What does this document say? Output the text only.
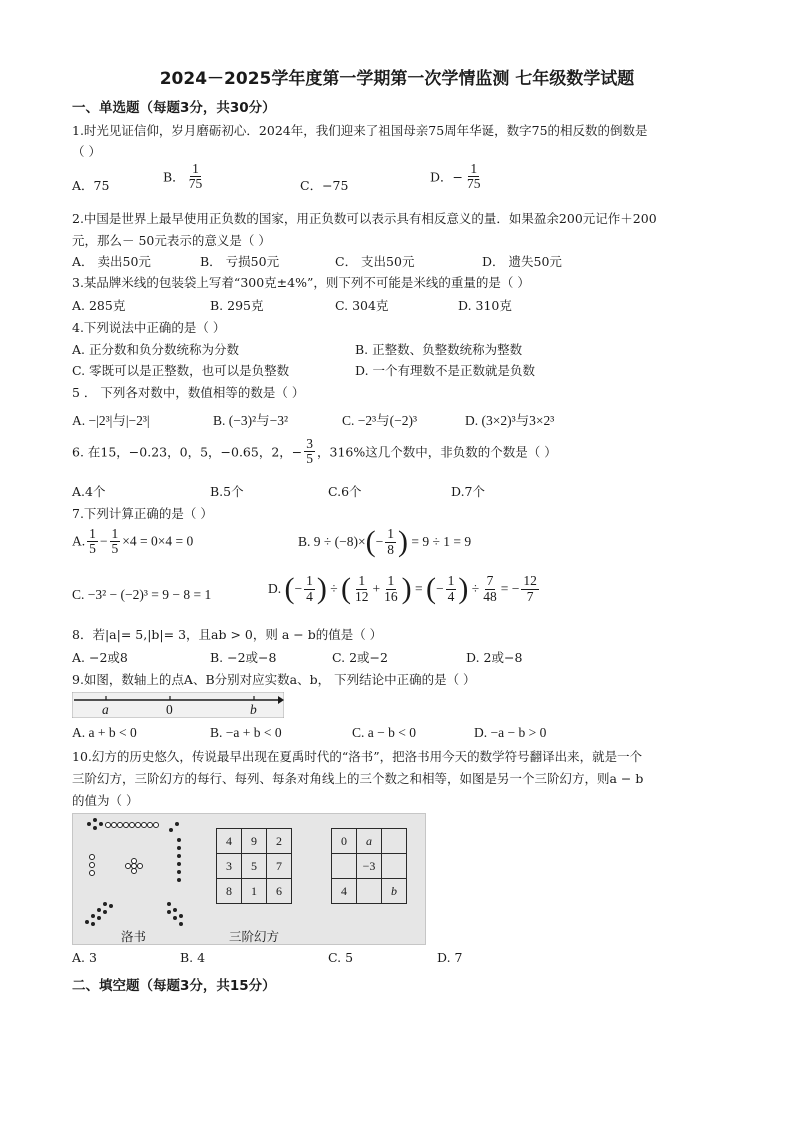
2024－2025学年度第一学期第一次学情监测 七年级数学试题
一、单选题（每题3分，共30分）
1.时光见证信仰，岁月磨砺初心．2024年，我们迎来了祖国母亲75周年华诞，数字75的相反数的倒数是
（ ）
A．75
B． $\frac{1}{75}$	C．−75
D．− $\frac{1}{75}$
2.中国是世界上最早使用正负数的国家，用正负数可以表示具有相反意义的量．如果盈余200元记作＋200
元，那么－ 50元表示的意义是（ ）
A． 卖出50元	B． 亏损50元	C． 支出50元	D． 遗失50元
3.某品牌米线的包装袋上写着“300克±4%”，则下列不可能是米线的重量的是（ ）
A. 285克	B. 295克	C. 304克	D. 310克
4.下列说法中正确的是（ ）
A. 正分数和负分数统称为分数	B. 正整数、负整数统称为整数
C. 零既可以是正整数，也可以是负整数	D. 一个有理数不是正数就是负数
5 ． 下列各对数中，数值相等的数是（ ）
A. −|2³|与|−2³|	B. (−3)²与−3²	C. −2³与(−2)³	D. (3×2)³与3×2³
6. 在15，−0.23，0，5，−0.65，2，− $\frac{3}{5}$ ，316%这几个数中，非负数的个数是（ ）
A.4个	B.5个	C.6个	D.7个
7.下列计算正确的是（ ）
A. $\frac{1}{5} - \frac{1}{5} \times 4 = 0\times 4 = 0$	B. $9 \div (-8)\times(- \frac{1}{8}$ ) = 9 ÷ 1 = 9
C. −3² − (−2)³ = 9 − 8 = 1	D. (− $\frac{1}{4}$ ) ÷ ( $\frac{1}{12} + \frac{1}{16}$ ) = (− $\frac{1}{4}$ ) ÷ $\frac{7}{48}$ = − $\frac{12}{7}$
8．若|a|= 5,|b|= 3，且ab > 0，则 a − b的值是（ ）
A. −2或8	B. −2或−8	C. 2或−2	D. 2或−8
9.如图，数轴上的点A、B分别对应实数a、b， 下列结论中正确的是（ ）
a	0	b
A. a + b < 0	B. −a + b < 0	C. a − b < 0	D. −a − b > 0
10.幻方的历史悠久，传说最早出现在夏禹时代的“洛书”，把洛书用今天的数学符号翻译出来，就是一个
三阶幻方，三阶幻方的每行、每列、每条对角线上的三个数之和相等，如图是另一个三阶幻方，则a − b
的值为（ ）
洛书
4	9	2
3	5	7
8	1	6
三阶幻方
0	a	
	−3	
4		b
A. 3	B. 4	C. 5	D. 7
二、填空题（每题3分，共15分）
